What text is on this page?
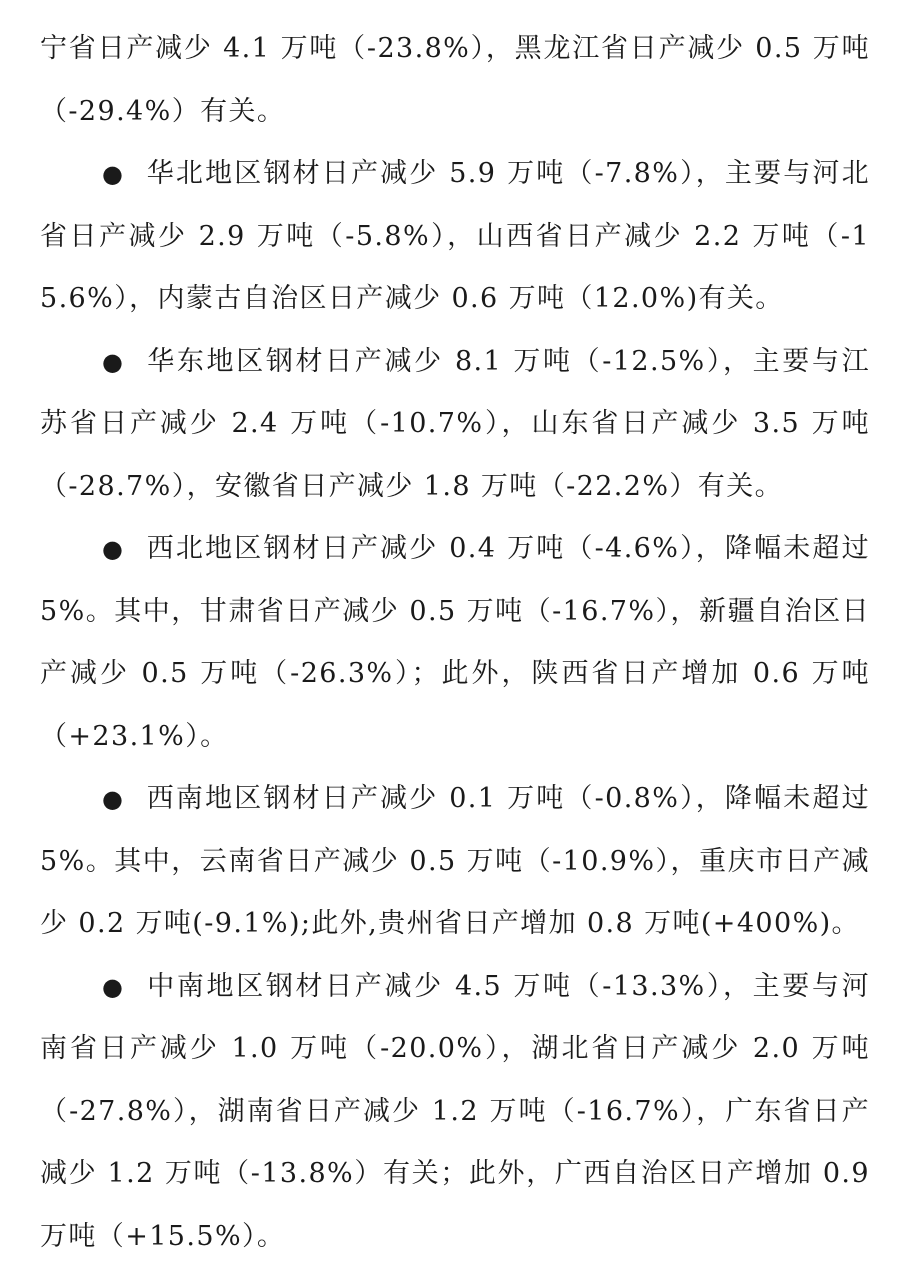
宁省日产减少 4.1 万吨（-23.8%），黑龙江省日产减少 0.5 万吨（-29.4%）有关。

● 华北地区钢材日产减少 5.9 万吨（-7.8%），主要与河北省日产减少 2.9 万吨（-5.8%），山西省日产减少 2.2 万吨（-15.6%），内蒙古自治区日产减少 0.6 万吨（12.0%)有关。

● 华东地区钢材日产减少 8.1 万吨（-12.5%），主要与江苏省日产减少 2.4 万吨（-10.7%），山东省日产减少 3.5 万吨（-28.7%），安徽省日产减少 1.8 万吨（-22.2%）有关。

● 西北地区钢材日产减少 0.4 万吨（-4.6%），降幅未超过 5%。其中，甘肃省日产减少 0.5 万吨（-16.7%），新疆自治区日产减少 0.5 万吨（-26.3%）；此外，陕西省日产增加 0.6 万吨（+23.1%）。

● 西南地区钢材日产减少 0.1 万吨（-0.8%），降幅未超过 5%。其中，云南省日产减少 0.5 万吨（-10.9%），重庆市日产减少 0.2 万吨(-9.1%);此外,贵州省日产增加 0.8 万吨(+400%)。

● 中南地区钢材日产减少 4.5 万吨（-13.3%），主要与河南省日产减少 1.0 万吨（-20.0%），湖北省日产减少 2.0 万吨（-27.8%），湖南省日产减少 1.2 万吨（-16.7%），广东省日产减少 1.2 万吨（-13.8%）有关；此外，广西自治区日产增加 0.9 万吨（+15.5%）。
